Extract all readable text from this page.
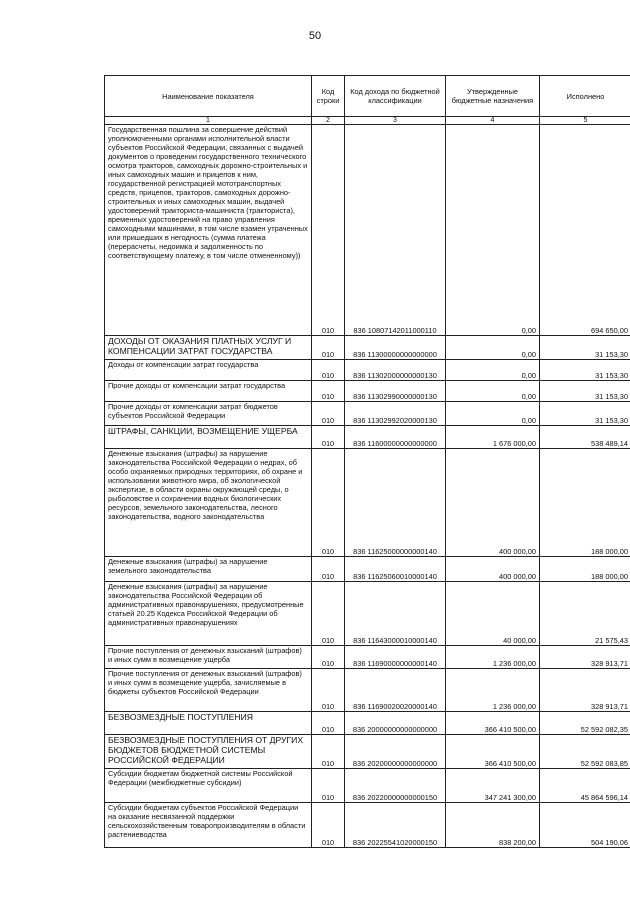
50
Наименование показателя	Код строки	Код дохода по бюджетной классификации	Утвержденные бюджетные назначения	Исполнено
1	2	3	4	5
Государственная пошлина за совершение действий уполномоченными органами исполнительной власти субъектов Российской Федерации, связанных с выдачей документов о проведении государственного технического осмотра тракторов, самоходных дорожно-строительных и иных самоходных машин и прицепов к ним, государственной регистрацией мототранспортных средств, прицепов, тракторов, самоходных дорожно-строительных и иных самоходных машин, выдачей удостоверений тракториста-машиниста (тракториста), временных удостоверений на право управления самоходными машинами, в том числе взамен утраченных или пришедших в негодность (сумма платежа (перерасчеты, недоимка и задолженность по соответствующему платежу, в том числе отмененному))	010	836 10807142011000110	0,00	694 650,00
ДОХОДЫ ОТ ОКАЗАНИЯ ПЛАТНЫХ УСЛУГ И КОМПЕНСАЦИИ ЗАТРАТ ГОСУДАРСТВА	010	836 11300000000000000	0,00	31 153,30
Доходы от компенсации затрат государства	010	836 11302000000000130	0,00	31 153,30
Прочие доходы от компенсации затрат государства	010	836 11302990000000130	0,00	31 153,30
Прочие доходы от компенсации затрат бюджетов субъектов Российской Федерации	010	836 11302992020000130	0,00	31 153,30
ШТРАФЫ, САНКЦИИ, ВОЗМЕЩЕНИЕ УЩЕРБА	010	836 11600000000000000	1 676 000,00	538 489,14
Денежные взыскания (штрафы) за нарушение законодательства Российской Федерации о недрах, об особо охраняемых природных территориях, об охране и использовании животного мира, об экологической экспертизе, в области охраны окружающей среды, о рыболовстве и сохранении водных биологических ресурсов, земельного законодательства, лесного законодательства, водного законодательства	010	836 11625000000000140	400 000,00	188 000,00
Денежные взыскания (штрафы) за нарушение земельного законодательства	010	836 11625060010000140	400 000,00	188 000,00
Денежные взыскания (штрафы) за нарушение законодательства Российской Федерации об административных правонарушениях, предусмотренные статьей 20.25 Кодекса Российской Федерации об административных правонарушениях	010	836 11643000010000140	40 000,00	21 575,43
Прочие поступления от денежных взысканий (штрафов) и иных сумм в возмещение ущерба	010	836 11690000000000140	1 236 000,00	328 913,71
Прочие поступления от денежных взысканий (штрафов) и иных сумм в возмещение ущерба, зачисляемые в бюджеты субъектов Российской Федерации	010	836 11690020020000140	1 236 000,00	328 913,71
БЕЗВОЗМЕЗДНЫЕ ПОСТУПЛЕНИЯ	010	836 20000000000000000	366 410 500,00	52 592 082,35
БЕЗВОЗМЕЗДНЫЕ ПОСТУПЛЕНИЯ ОТ ДРУГИХ БЮДЖЕТОВ БЮДЖЕТНОЙ СИСТЕМЫ РОССИЙСКОЙ ФЕДЕРАЦИИ	010	836 20200000000000000	366 410 500,00	52 592 083,85
Субсидии бюджетам бюджетной системы Российской Федерации (межбюджетные субсидии)	010	836 20220000000000150	347 241 300,00	45 864 596,14
Субсидии бюджетам субъектов Российской Федерации на оказание несвязанной поддержки сельскохозяйственным товаропроизводителям в области растениеводства	010	836 20225541020000150	838 200,00	504 190,06
